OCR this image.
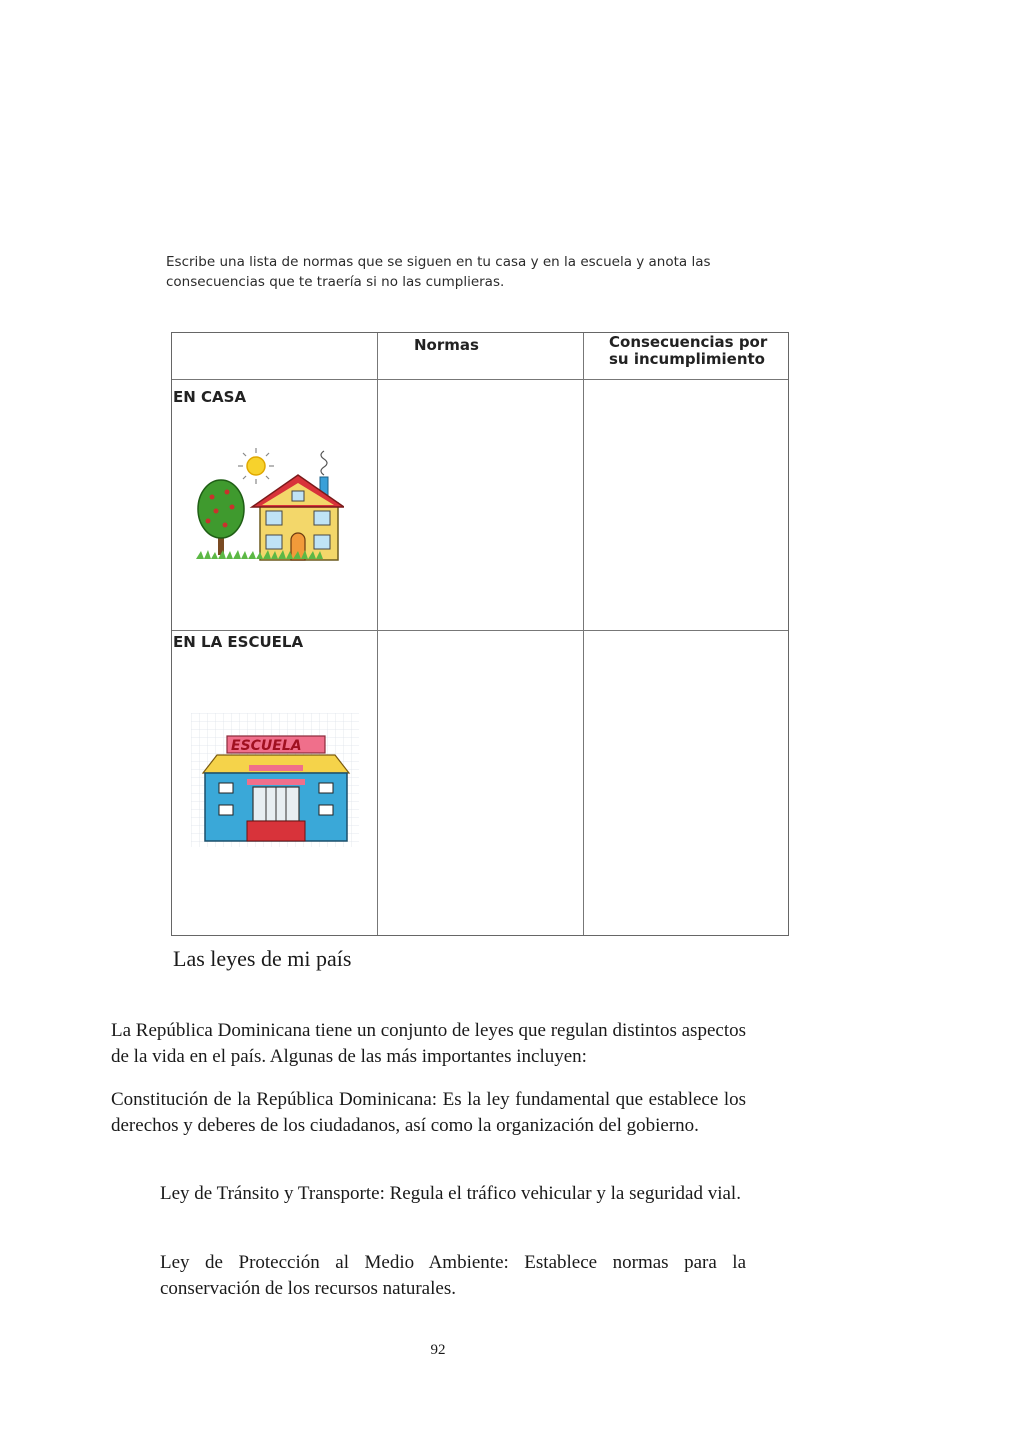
Escribe una lista de normas que se siguen en tu casa y en la escuela y anota las

consecuencias que te traería si no las cumplieras.

Normas	Consecuencias por
su incumplimiento
EN CASA
EN LA ESCUELA
ESCUELA
Las leyes de mi país

La República Dominicana tiene un conjunto de leyes que regulan distintos aspectos de la vida en el país. Algunas de las más importantes incluyen:

Constitución de la República Dominicana: Es la ley fundamental que establece los derechos y deberes de los ciudadanos, así como la organización del gobierno.

Ley de Tránsito y Transporte: Regula el tráfico vehicular y la seguridad vial.

Ley de Protección al Medio Ambiente: Establece normas para la conservación de los recursos naturales.

92
